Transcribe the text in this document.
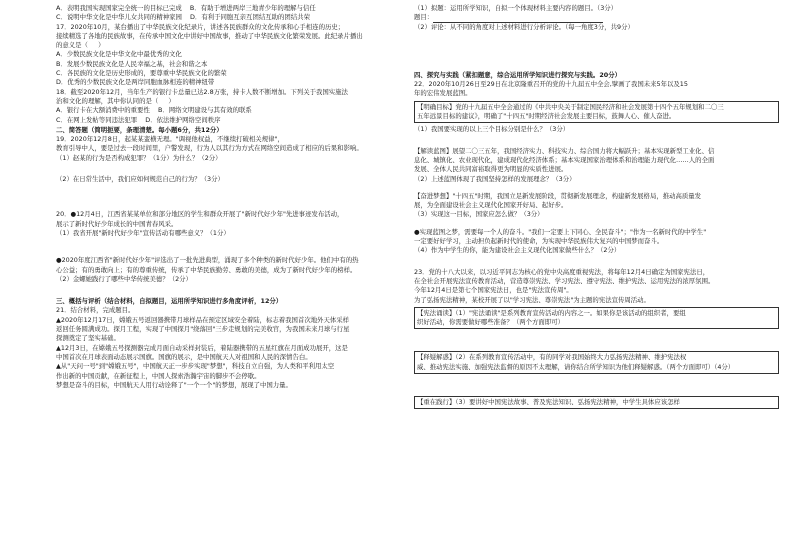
A．表明我国实现国家完全统一的目标已完成    B．有助于增进两岸三地青少年的理解与信任

C．说明中华文化是中华儿女共同的精神家园    D．有利于同胞互亲互团结互助的团结共荣

17．2020年10月，某台播出了中华民族文化纪录片，讲述各民族群众的文化传承和心手相连的历史；

接续精选了各地的民族故事，在传承中国文化中讲好中国故事，推动了中华民族文化繁荣发展。此纪录片播出

的意义是（     ）

A．少数民族文化是中华文化中最优秀的文化

B．发展少数民族文化是人民幸福之基，社会和谐之本

C．各民族的文化是历史形成的，要尊重中华民族文化的繁荣

D．优秀的少数民族文化是两岸同胞血脉相连的精神纽带

18．截至2020年12月，当年生产的银行卡总量已达2.8万张，持卡人数不断增加。下列关于我国实施法

治和文化的理解，其中你认同的是（     ）

A．银行卡在大额消费中的重要性    B．网络文明建设与其有效的联系

C．在网上发帖等同违法犯罪    D．依法维护网络空间秩序

二、简答题（简明扼要，条理清楚。每小题6分，共12分）

19．2020年12月8日，起某某蛮横无理。"调视他权益，不继续打破相关规律"，

教育引导中人，要是过去一段时间里，户警发现，行为人以其行为方式在网络空间造成了相应的后果和影响。

（1）赵某的行为是否构成犯罪？（1分）为什么？（2分）

（2）在日常生活中，我们应如何规范自己的行为？（3分）

20．●12月4日，江西省某某单位和部分地区的学生和群众开展了"新时代好少年"先进事迹发布活动，

展示了新时代好少年成长的中国青春风采。

（1）我省开展"新时代好少年"宣传活动有哪些意义？（1分）

●2020年度江西省"新时代好少年"评选出了一批先进典型，涌现了多个种类的新时代好少年。他们中有的热

心公益；有的勇敢向上；有的尊重传统，传承了中华民族勤劳、勇敢的美德，成为了新时代好少年的榜样。

（2）金螺她践行了哪些中华传统美德？（2分）

三、概括与评析（结合材料，自拟题目，运用所学知识进行多角度评析，12分）

21．结合材料，完成题目。

▲2020年12月17日，嫦娥五号返回器携带月球样品在预定区域安全着陆，标志着我国首次地外天体采样

返回任务圆满成功。探月工程，实现了中国探月"绕落回"三步走规划的完美收官，为我国未来月球与行星

探测奠定了坚实基础。

▲12月3日，在嫦娥五号探测器完成月面自动采样封装后，着陆器携带的五星红旗在月面成功展开，这是

中国首次在月球表面动态展示国旗。国旗的展示，是中国航天人对祖国和人民的深情告白。

▲从"天问一号"到"嫦娥五号"，中国航天正一步步实现"梦想"，科技自立自强，为人类和平利用太空

作出新的中国贡献，在新征程上，中国人探索浩瀚宇宙的脚步不会停歇。

梦想是奋斗的目标，中国航天人用行动诠释了"一个一个"的梦想，展现了中国力量。

（1）拟题：运用所学知识，自拟一个体现材料主要内容的题目。（3分）

题目：

（2）评论：从不同的角度对上述材料进行分析评论。（每一角度3分，共9分）

四、探究与实践（紧扣题意，综合运用所学知识进行探究与实践。20分）

22．2020年10月26日至29日在北京隆重召开的党的十九届五中全会,擘画了我国未来5年以及15

年的宏伟发展蓝图。

【明确目标】党的十九届五中全会通过的《中共中央关于制定国民经济和社会发展第十四个五年规划和二〇三

五年远景目标的建议》，明确了"十四五"时期经济社会发展主要目标，鼓舞人心、催人奋进。

（1）我国要实现的以上三个目标分别是什么？（3分）

【解读蓝图】展望二〇三五年，我国经济实力、科技实力、综合国力将大幅跃升；基本实现新型工业化、信

息化、城镇化、农业现代化，建成现代化经济体系；基本实现国家治理体系和治理能力现代化……人的全面

发展、全体人民共同富裕取得更为明显的实质性进展。

（2）上述蓝图体现了我国坚持怎样的发展理念？（3分）

【奋进梦想】"十四五"时期，我国立足新发展阶段，贯彻新发展理念，构建新发展格局，推动高质量发

展，为全面建设社会主义现代化国家开好局、起好步。

（3）实现这一目标，国家应怎么做？（3分）

●实现蓝图之梦，需要每一个人的奋斗。"我们一定要上下同心、全民奋斗"；"作为一名新时代的中学生"

一定要好好学习，主动担负起新时代的使命，为实现中华民族伟大复兴的中国梦而奋斗。

（4）作为中学生的你，能为建设社会主义现代化国家做些什么？（2分）

23．党的十八大以来，以习近平同志为核心的党中央高度重视宪法，将每年12月4日确定为国家宪法日，

在全社会开展宪法宣传教育活动，营造尊崇宪法、学习宪法、遵守宪法、维护宪法、运用宪法的浓厚氛围。

今年12月4日是第七个国家宪法日，也是"宪法宣传周"。

为了弘扬宪法精神，某校开展了以"学习宪法、尊崇宪法"为主题的宪法宣传周活动。

【宪法诵读】（1）"宪法诵读"是系列教育宣传活动的内容之一。如果你是该活动的组织者，要组

织好活动，你需要做好哪些准备？（两个方面即可）

【释疑解惑】（2）在系列教育宣传活动中，有的同学对我国始终大力弘扬宪法精神、维护宪法权

威、推动宪法实施、加强宪法监督的原因不太理解，请你结合所学知识为他们释疑解惑。（两个方面即可）（4分）

【重在践行】（3）要讲好中国宪法故事、普及宪法知识、弘扬宪法精神，中学生具体应该怎样
